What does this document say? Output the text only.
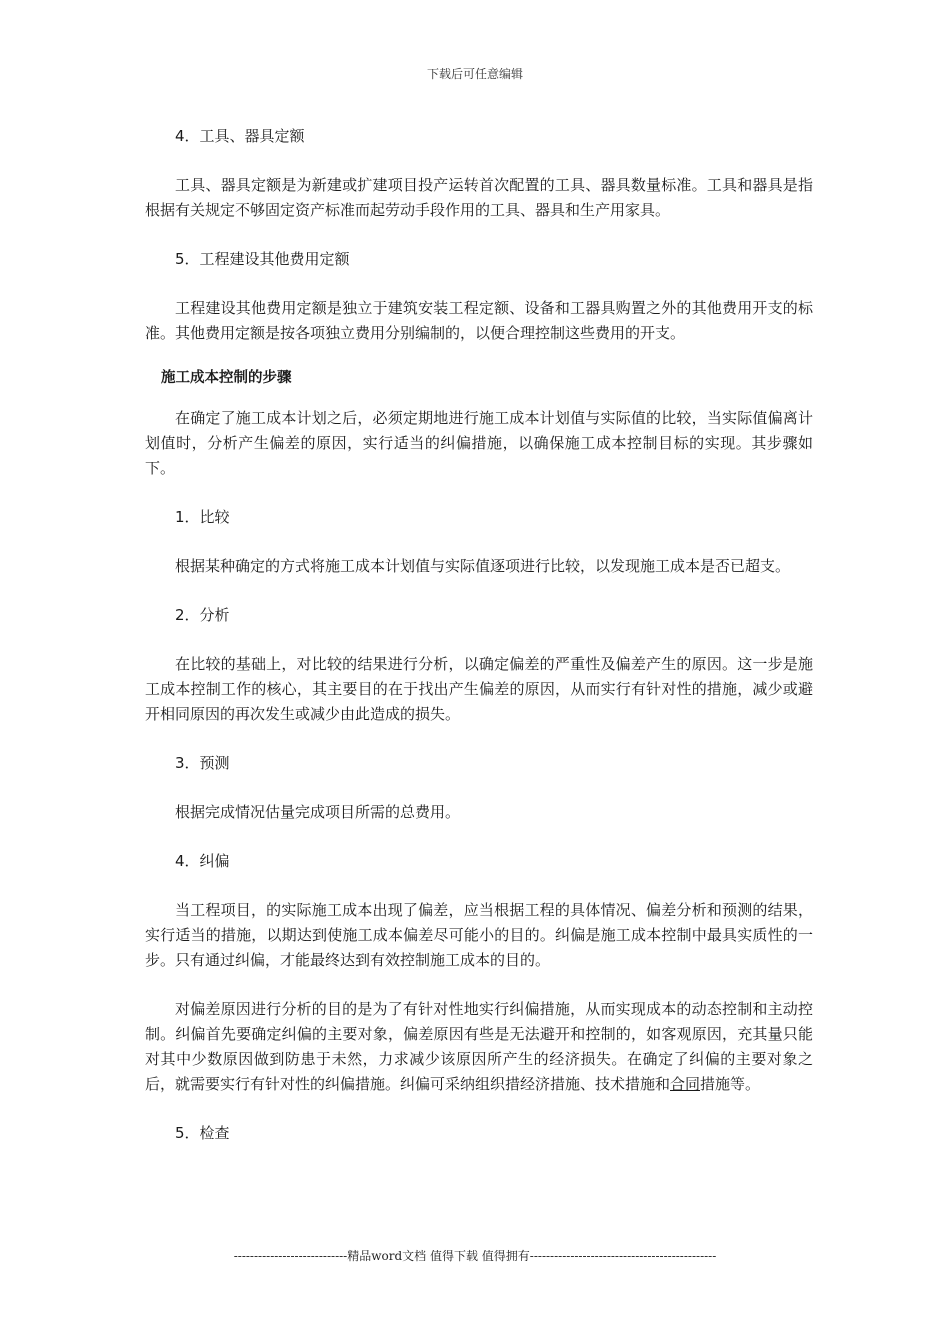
下载后可任意编辑

4．工具、器具定额

工具、器具定额是为新建或扩建项目投产运转首次配置的工具、器具数量标准。工具和器具是指根据有关规定不够固定资产标准而起劳动手段作用的工具、器具和生产用家具。

5．工程建设其他费用定额

工程建设其他费用定额是独立于建筑安装工程定额、设备和工器具购置之外的其他费用开支的标准。其他费用定额是按各项独立费用分别编制的，以便合理控制这些费用的开支。

施工成本控制的步骤

在确定了施工成本计划之后，必须定期地进行施工成本计划值与实际值的比较，当实际值偏离计划值时，分析产生偏差的原因，实行适当的纠偏措施，以确保施工成本控制目标的实现。其步骤如下。

1．比较

根据某种确定的方式将施工成本计划值与实际值逐项进行比较，以发现施工成本是否已超支。

2．分析

在比较的基础上，对比较的结果进行分析，以确定偏差的严重性及偏差产生的原因。这一步是施工成本控制工作的核心，其主要目的在于找出产生偏差的原因，从而实行有针对性的措施，减少或避开相同原因的再次发生或减少由此造成的损失。

3．预测

根据完成情况估量完成项目所需的总费用。

4．纠偏

当工程项目，的实际施工成本出现了偏差，应当根据工程的具体情况、偏差分析和预测的结果，实行适当的措施，以期达到使施工成本偏差尽可能小的目的。纠偏是施工成本控制中最具实质性的一步。只有通过纠偏，才能最终达到有效控制施工成本的目的。

对偏差原因进行分析的目的是为了有针对性地实行纠偏措施，从而实现成本的动态控制和主动控制。纠偏首先要确定纠偏的主要对象，偏差原因有些是无法避开和控制的，如客观原因，充其量只能对其中少数原因做到防患于未然，力求减少该原因所产生的经济损失。在确定了纠偏的主要对象之后，就需要实行有针对性的纠偏措施。纠偏可采纳组织措经济措施、技术措施和合同措施等。

5．检查

----------------------------精品word文档 值得下载 值得拥有----------------------------------------------
